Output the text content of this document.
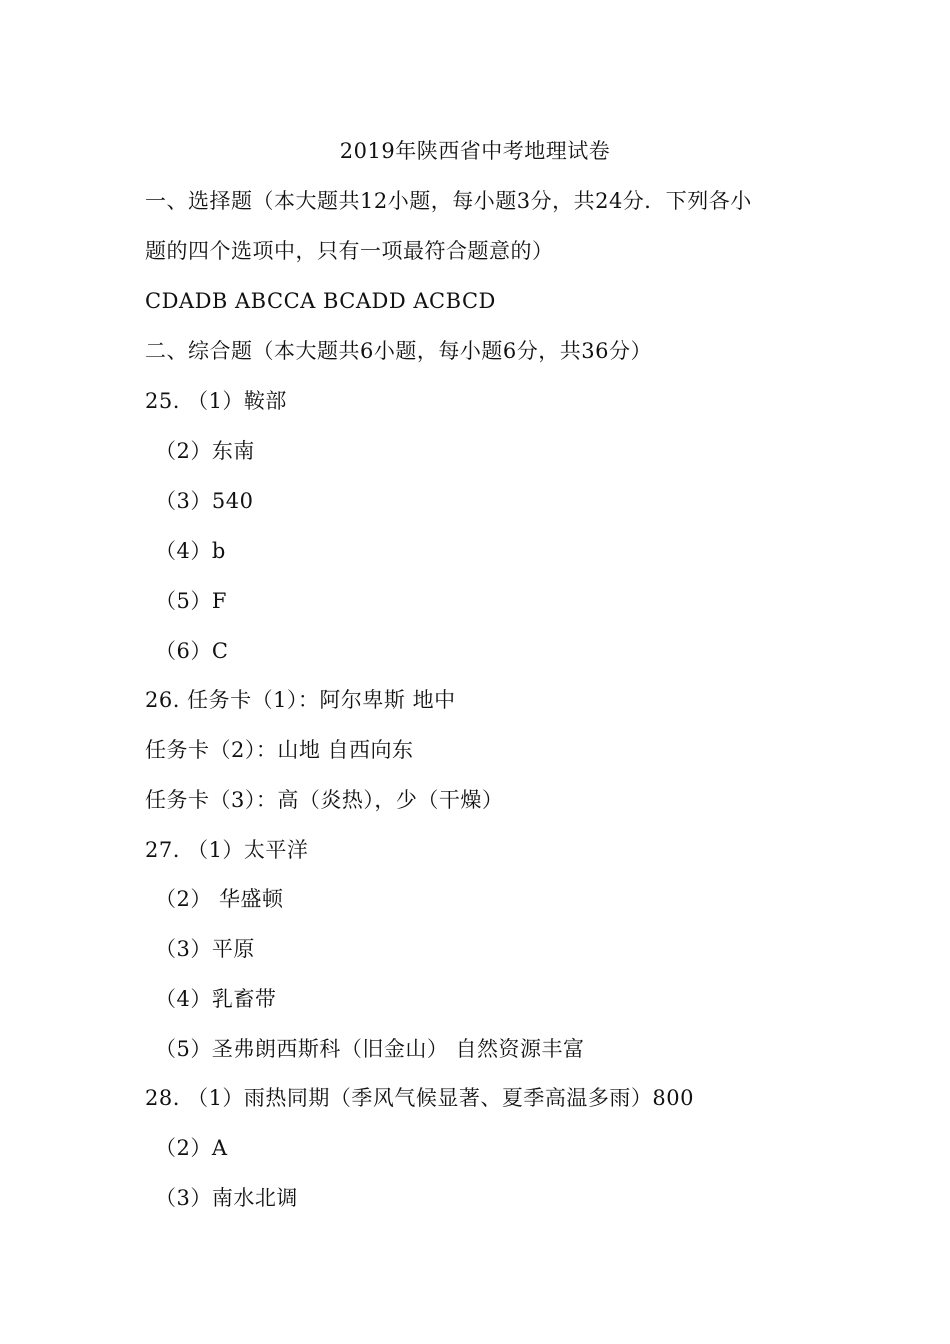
2019年陕西省中考地理试卷
一、选择题（本大题共12小题，每小题3分，共24分．下列各小
题的四个选项中，只有一项最符合题意的）
CDADB ABCCA BCADD ACBCD
二、综合题（本大题共6小题，每小题6分，共36分）
25. （1）鞍部
（2）东南
（3）540
（4）b
（5）F
（6）C
26. 任务卡（1）：阿尔卑斯 地中
任务卡（2）：山地 自西向东
任务卡（3）：高（炎热），少（干燥）
27. （1）太平洋
（2） 华盛顿
（3）平原
（4）乳畜带
（5）圣弗朗西斯科（旧金山） 自然资源丰富
28. （1）雨热同期（季风气候显著、夏季高温多雨）800
（2）A
（3）南水北调
